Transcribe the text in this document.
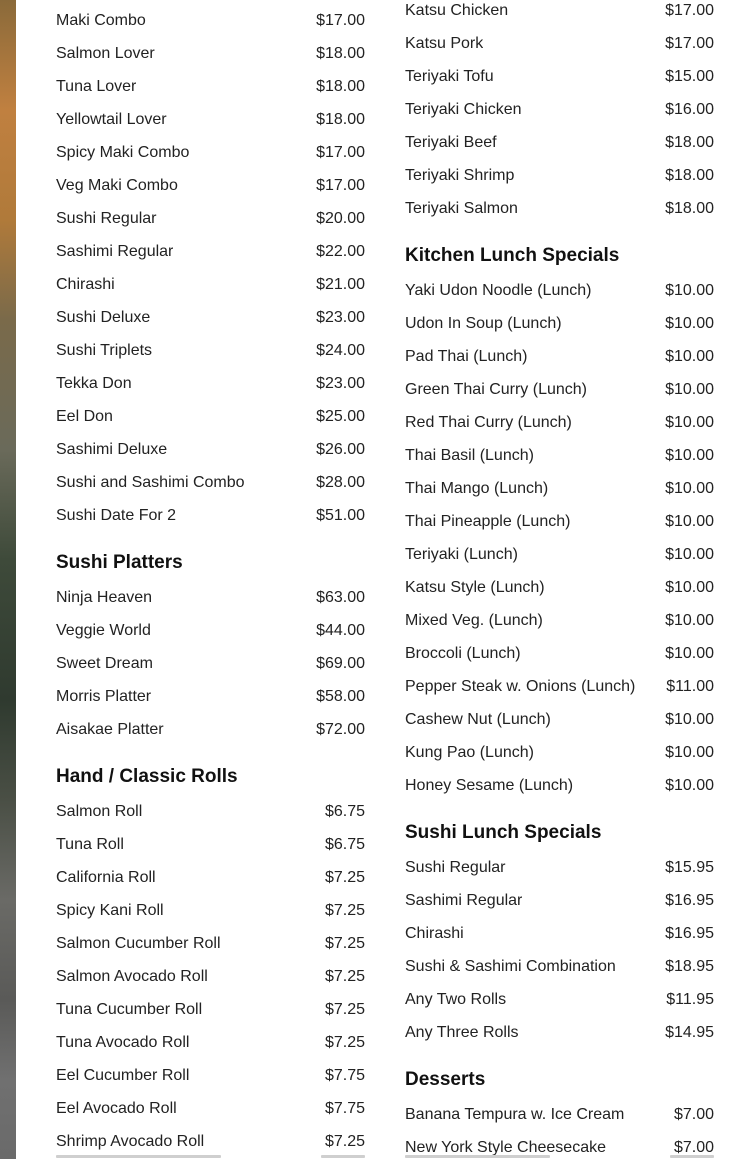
Maki Combo	$17.00
Salmon Lover	$18.00
Tuna Lover	$18.00
Yellowtail Lover	$18.00
Spicy Maki Combo	$17.00
Veg Maki Combo	$17.00
Sushi Regular	$20.00
Sashimi Regular	$22.00
Chirashi	$21.00
Sushi Deluxe	$23.00
Sushi Triplets	$24.00
Tekka Don	$23.00
Eel Don	$25.00
Sashimi Deluxe	$26.00
Sushi and Sashimi Combo	$28.00
Sushi Date For 2	$51.00
Sushi Platters
Ninja Heaven	$63.00
Veggie World	$44.00
Sweet Dream	$69.00
Morris Platter	$58.00
Aisakae Platter	$72.00
Hand / Classic Rolls
Salmon Roll	$6.75
Tuna Roll	$6.75
California Roll	$7.25
Spicy Kani Roll	$7.25
Salmon Cucumber Roll	$7.25
Salmon Avocado Roll	$7.25
Tuna Cucumber Roll	$7.25
Tuna Avocado Roll	$7.25
Eel Cucumber Roll	$7.75
Eel Avocado Roll	$7.75
Shrimp Avocado Roll	$7.25
Katsu Chicken	$17.00
Katsu Pork	$17.00
Teriyaki Tofu	$15.00
Teriyaki Chicken	$16.00
Teriyaki Beef	$18.00
Teriyaki Shrimp	$18.00
Teriyaki Salmon	$18.00
Kitchen Lunch Specials
Yaki Udon Noodle (Lunch)	$10.00
Udon In Soup (Lunch)	$10.00
Pad Thai (Lunch)	$10.00
Green Thai Curry (Lunch)	$10.00
Red Thai Curry (Lunch)	$10.00
Thai Basil (Lunch)	$10.00
Thai Mango (Lunch)	$10.00
Thai Pineapple (Lunch)	$10.00
Teriyaki (Lunch)	$10.00
Katsu Style (Lunch)	$10.00
Mixed Veg. (Lunch)	$10.00
Broccoli (Lunch)	$10.00
Pepper Steak w. Onions (Lunch)	$11.00
Cashew Nut (Lunch)	$10.00
Kung Pao (Lunch)	$10.00
Honey Sesame (Lunch)	$10.00
Sushi Lunch Specials
Sushi Regular	$15.95
Sashimi Regular	$16.95
Chirashi	$16.95
Sushi & Sashimi Combination	$18.95
Any Two Rolls	$11.95
Any Three Rolls	$14.95
Desserts
Banana Tempura w. Ice Cream	$7.00
New York Style Cheesecake	$7.00
